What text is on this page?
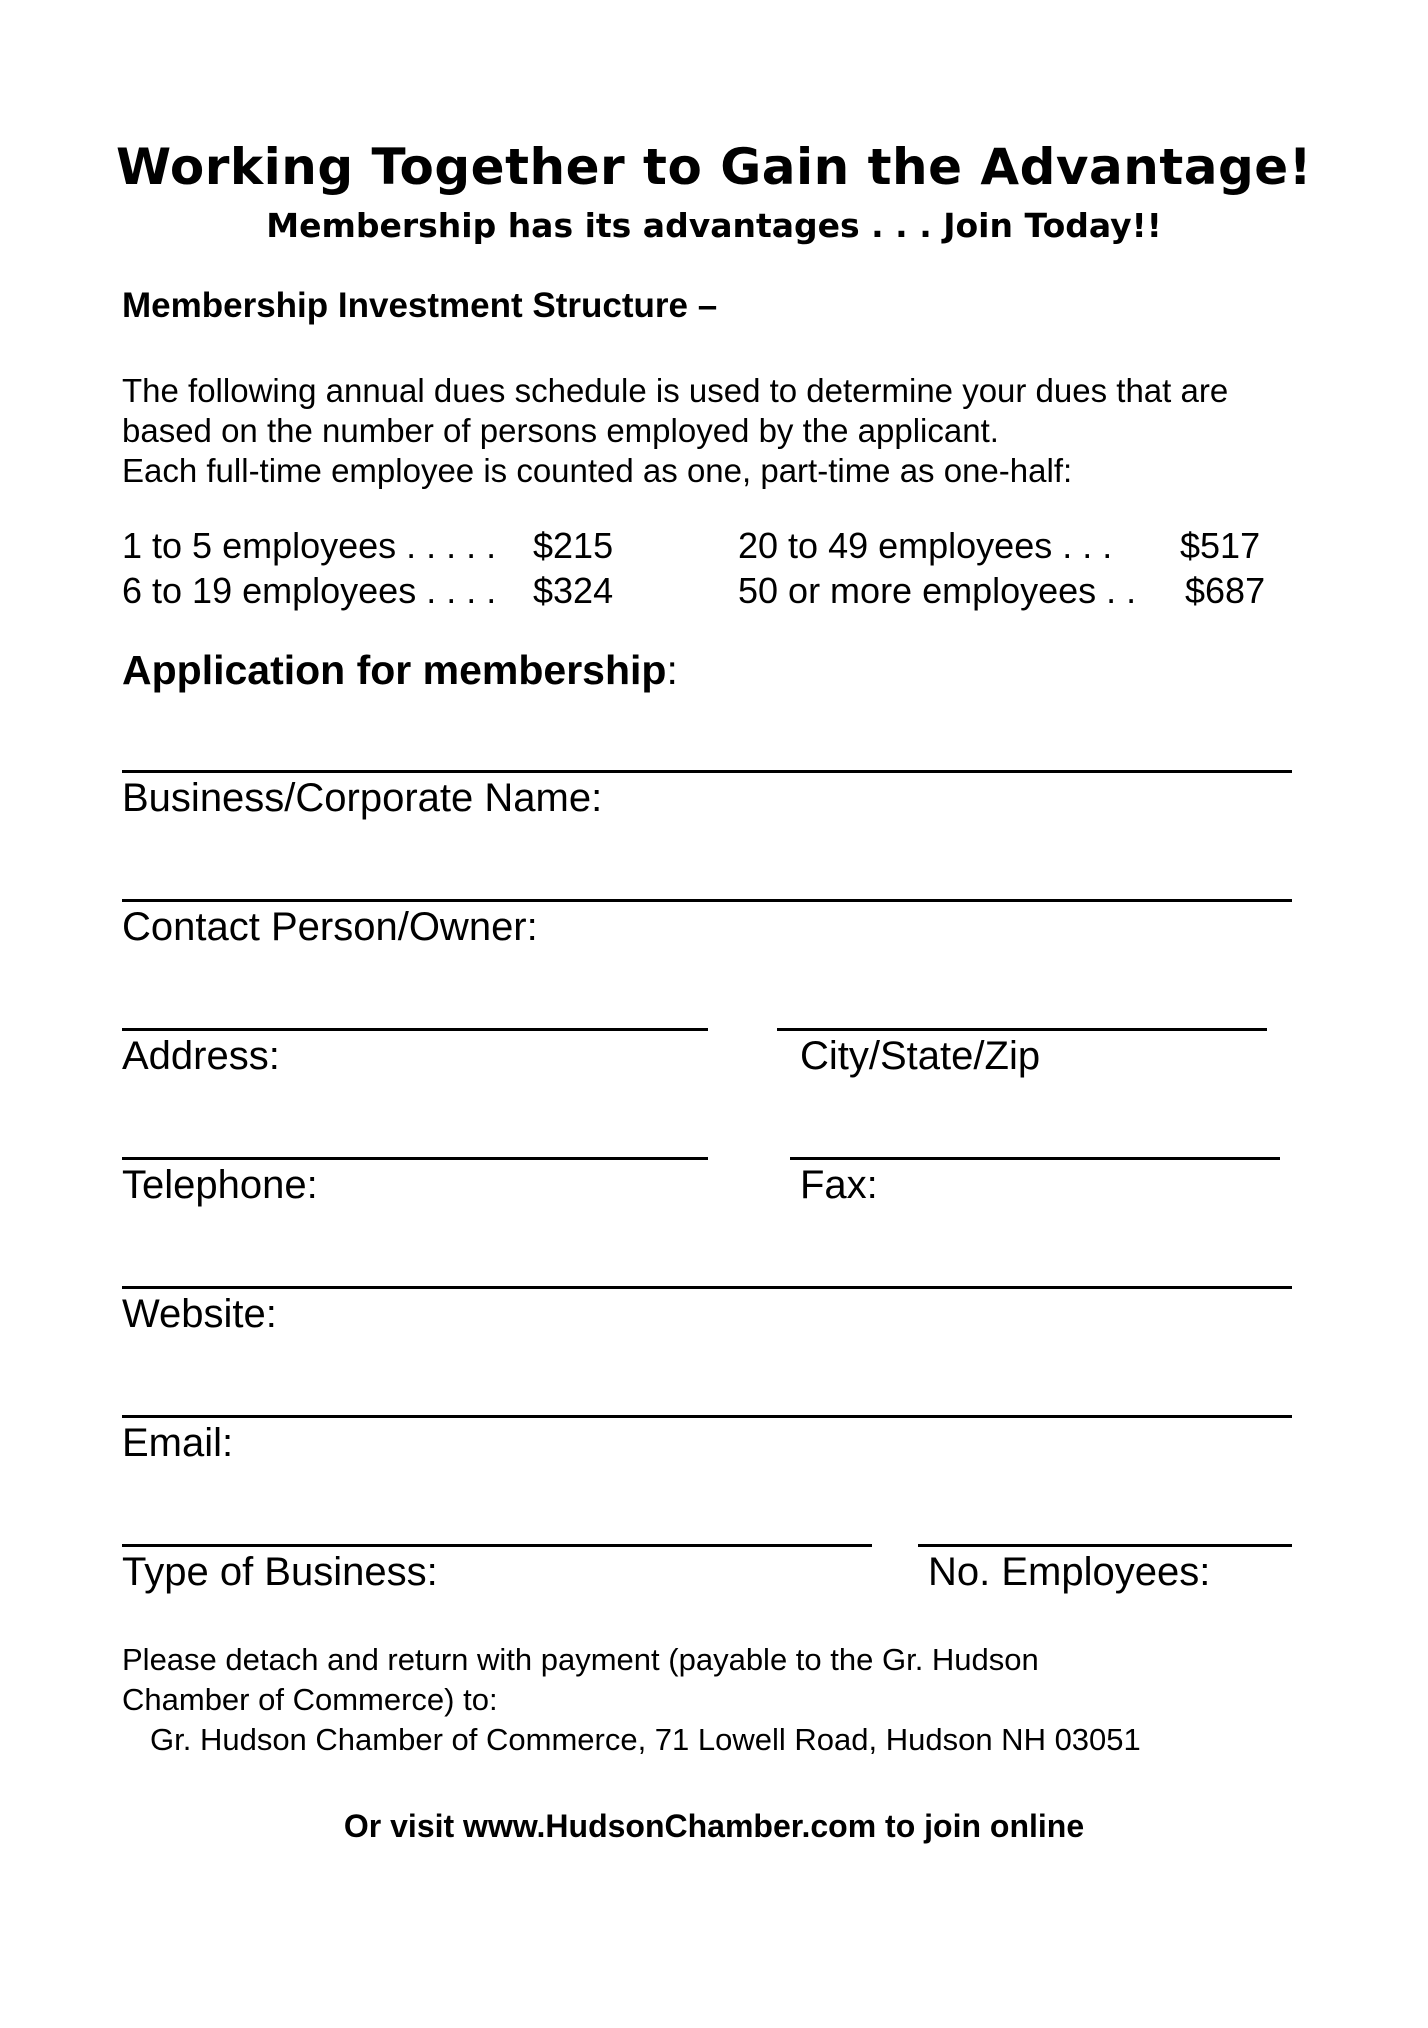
Working Together to Gain the Advantage!
Membership has its advantages . . . Join Today!!
Membership Investment Structure –
The following annual dues schedule is used to determine your dues that are
based on the number of persons employed by the applicant.
Each full-time employee is counted as one, part-time as one-half:
1 to 5 employees . . . . . $215
6 to 19 employees . . . . $324
20 to 49 employees . . . $517
50 or more employees . . $687
Application for membership:
Business/Corporate Name:
Contact Person/Owner:
Address:	City/State/Zip
Telephone:	Fax:
Website:
Email:
Type of Business:	No. Employees:
Please detach and return with payment (payable to the Gr. Hudson
Chamber of Commerce) to:
Gr. Hudson Chamber of Commerce, 71 Lowell Road, Hudson NH 03051
Or visit www.HudsonChamber.com to join online
